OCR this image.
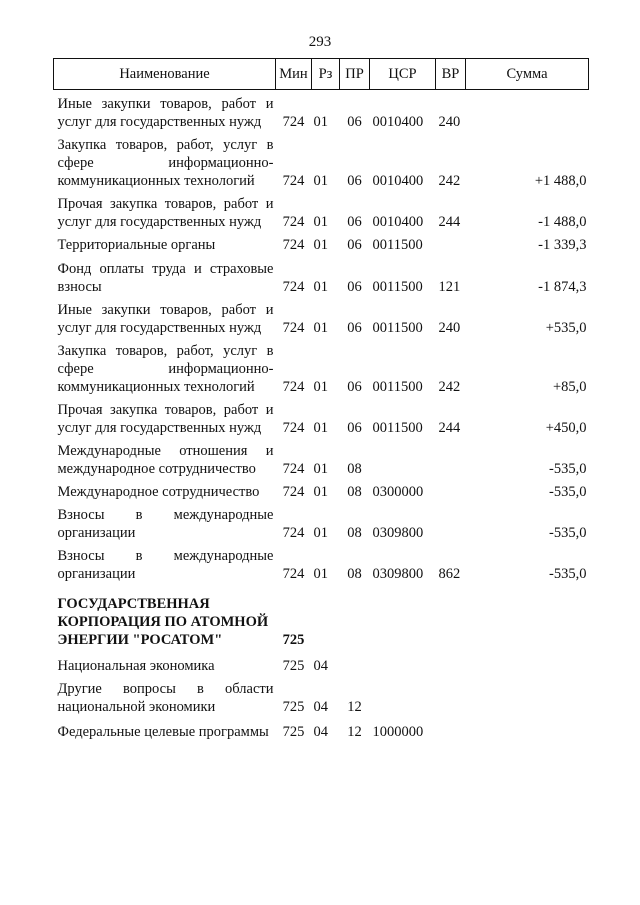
293
Наименование	Мин	Рз	ПР	ЦСР	ВР	Сумма
Иные закупки товаров, работ и услуг для государственных нужд	724	01	06	0010400	240	
Закупка товаров, работ, услуг в сфере информационно-коммуникационных технологий	724	01	06	0010400	242	+1 488,0
Прочая закупка товаров, работ и услуг для государственных нужд	724	01	06	0010400	244	-1 488,0
Территориальные органы	724	01	06	0011500		-1 339,3
Фонд оплаты труда и страховые взносы	724	01	06	0011500	121	-1 874,3
Иные закупки товаров, работ и услуг для государственных нужд	724	01	06	0011500	240	+535,0
Закупка товаров, работ, услуг в сфере информационно-коммуникационных технологий	724	01	06	0011500	242	+85,0
Прочая закупка товаров, работ и услуг для государственных нужд	724	01	06	0011500	244	+450,0
Международные отношения и международное сотрудничество	724	01	08			-535,0
Международное сотрудничество	724	01	08	0300000		-535,0
Взносы в международные организации	724	01	08	0309800		-535,0
Взносы в международные организации	724	01	08	0309800	862	-535,0
ГОСУДАРСТВЕННАЯ КОРПОРАЦИЯ ПО АТОМНОЙ ЭНЕРГИИ "РОСАТОМ"	725					
Национальная экономика	725	04				
Другие вопросы в области национальной экономики	725	04	12			
Федеральные целевые программы	725	04	12	1000000		
